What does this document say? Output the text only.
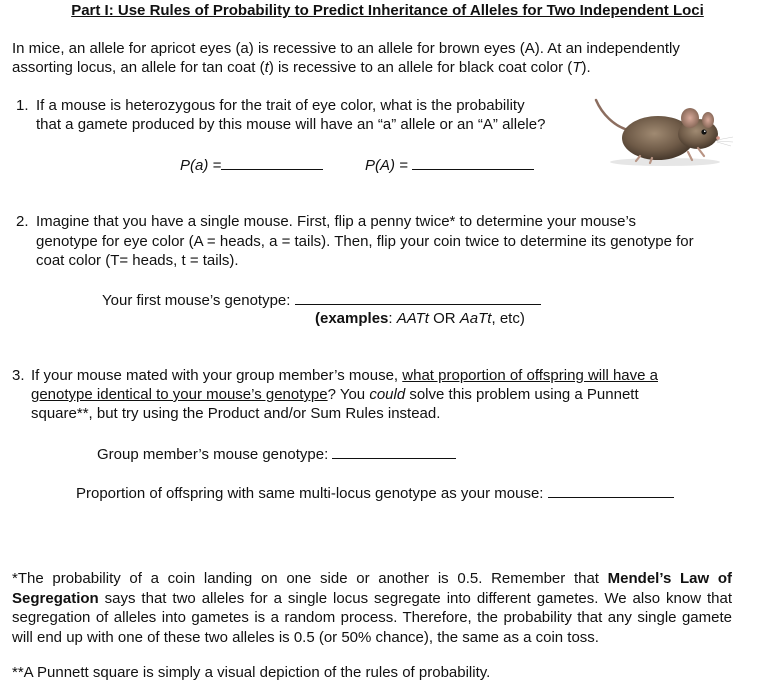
Part I: Use Rules of Probability to Predict Inheritance of Alleles for Two Independent Loci
In mice, an allele for apricot eyes (a) is recessive to an allele for brown eyes (A). At an independently
assorting locus, an allele for tan coat (t) is recessive to an allele for black coat color (T).
1. If a mouse is heterozygous for the trait of eye color, what is the probability
that a gamete produced by this mouse will have an “a” allele or an “A” allele?
P(a) =	P(A) =
2. Imagine that you have a single mouse. First, flip a penny twice* to determine your mouse’s
genotype for eye color (A = heads, a = tails). Then, flip your coin twice to determine its genotype for
coat color (T= heads, t = tails).
Your first mouse’s genotype:
(examples: AATt OR AaTt, etc)
3. If your mouse mated with your group member’s mouse, what proportion of offspring will have a
genotype identical to your mouse’s genotype? You could solve this problem using a Punnett
square**, but try using the Product and/or Sum Rules instead.
Group member’s mouse genotype:
Proportion of offspring with same multi-locus genotype as your mouse:
*The probability of a coin landing on one side or another is 0.5. Remember that Mendel’s Law of Segregation says that two alleles for a single locus segregate into different gametes. We also know that segregation of alleles into gametes is a random process. Therefore, the probability that any single gamete will end up with one of these two alleles is 0.5 (or 50% chance), the same as a coin toss.
**A Punnett square is simply a visual depiction of the rules of probability.
